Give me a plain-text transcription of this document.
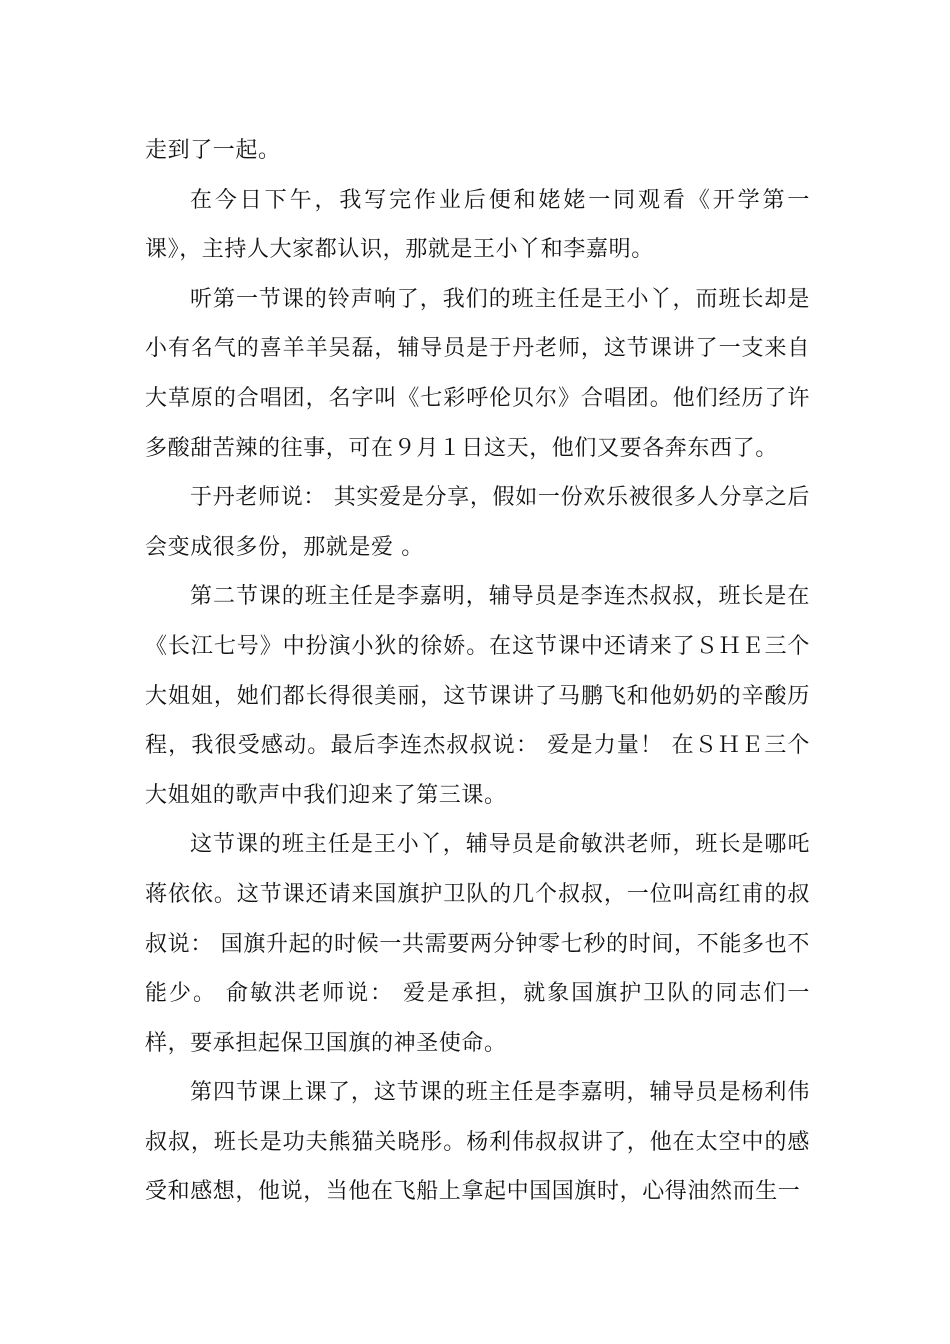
走到了一起。

在今日下午，我写完作业后便和姥姥一同观看《开学第一课》，主持人大家都认识，那就是王小丫和李嘉明。

听第一节课的铃声响了，我们的班主任是王小丫，而班长却是小有名气的喜羊羊吴磊，辅导员是于丹老师，这节课讲了一支来自大草原的合唱团，名字叫《七彩呼伦贝尔》合唱团。他们经历了许多酸甜苦辣的往事，可在９月１日这天，他们又要各奔东西了。

于丹老师说： 其实爱是分享，假如一份欢乐被很多人分享之后会变成很多份，那就是爱 。

第二节课的班主任是李嘉明，辅导员是李连杰叔叔，班长是在《长江七号》中扮演小狄的徐娇。在这节课中还请来了ＳＨＥ三个大姐姐，她们都长得很美丽，这节课讲了马鹏飞和他奶奶的辛酸历程，我很受感动。最后李连杰叔叔说： 爱是力量！ 在ＳＨＥ三个大姐姐的歌声中我们迎来了第三课。

这节课的班主任是王小丫，辅导员是俞敏洪老师，班长是哪吒蒋依依。这节课还请来国旗护卫队的几个叔叔，一位叫高红甫的叔叔说： 国旗升起的时候一共需要两分钟零七秒的时间，不能多也不能少。 俞敏洪老师说： 爱是承担，就象国旗护卫队的同志们一样，要承担起保卫国旗的神圣使命。

第四节课上课了，这节课的班主任是李嘉明，辅导员是杨利伟叔叔，班长是功夫熊猫关晓彤。杨利伟叔叔讲了，他在太空中的感受和感想，他说，当他在飞船上拿起中国国旗时，心得油然而生一
